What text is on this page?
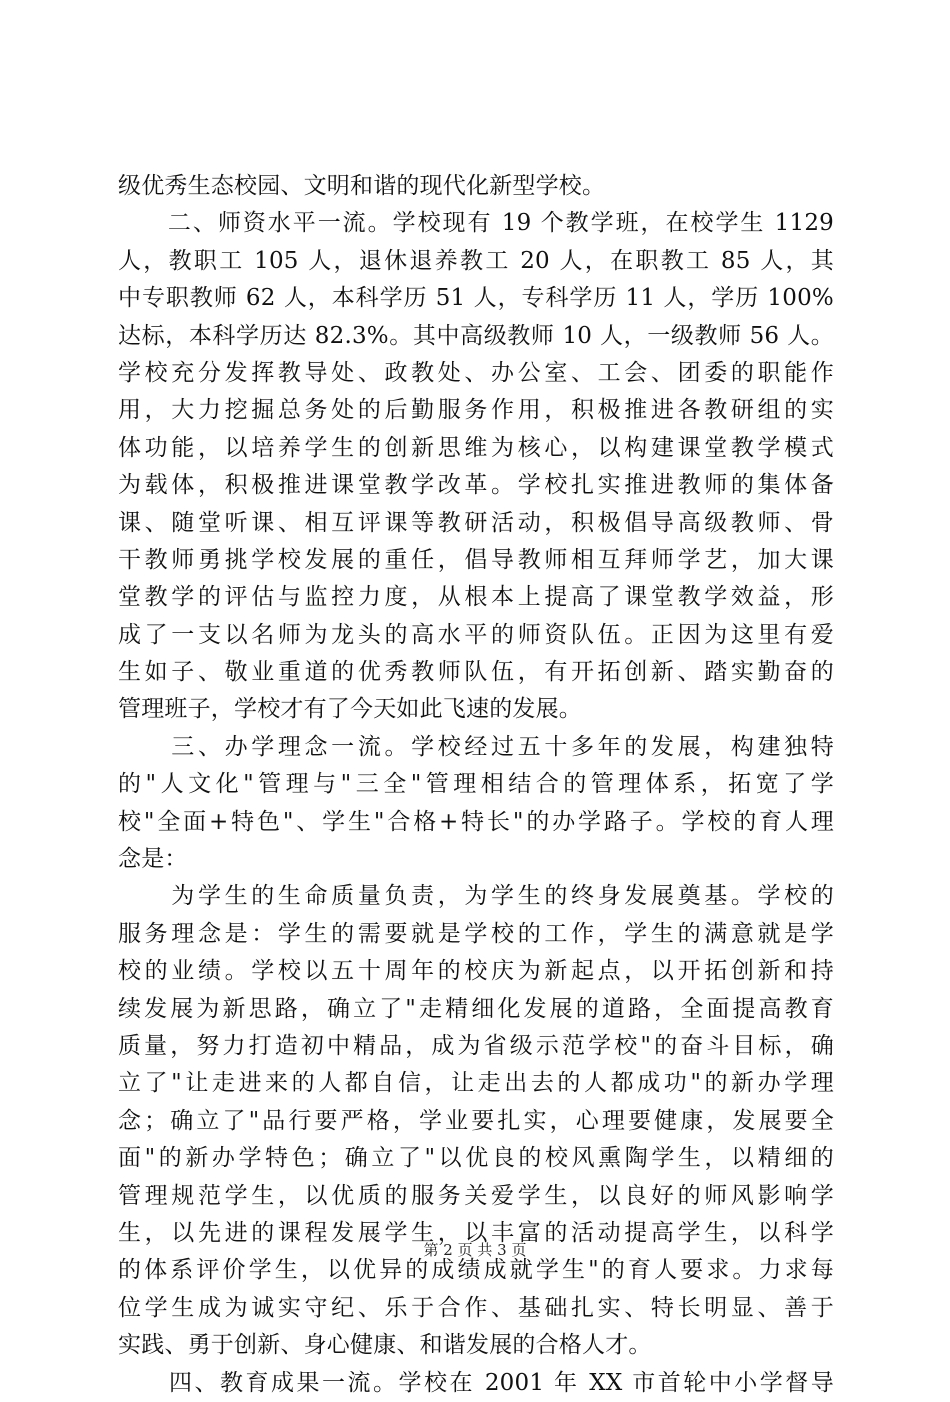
级优秀生态校园、文明和谐的现代化新型学校。
　　二、师资水平一流。学校现有 19 个教学班，在校学生 1129
人，教职工 105 人，退休退养教工 20 人，在职教工 85 人，其
中专职教师 62 人，本科学历 51 人，专科学历 11 人，学历 100%
达标，本科学历达 82.3%。其中高级教师 10 人，一级教师 56 人。
学校充分发挥教导处、政教处、办公室、工会、团委的职能作
用，大力挖掘总务处的后勤服务作用，积极推进各教研组的实
体功能，以培养学生的创新思维为核心，以构建课堂教学模式
为载体，积极推进课堂教学改革。学校扎实推进教师的集体备
课、随堂听课、相互评课等教研活动，积极倡导高级教师、骨
干教师勇挑学校发展的重任，倡导教师相互拜师学艺，加大课
堂教学的评估与监控力度，从根本上提高了课堂教学效益，形
成了一支以名师为龙头的高水平的师资队伍。正因为这里有爱
生如子、敬业重道的优秀教师队伍，有开拓创新、踏实勤奋的
管理班子，学校才有了今天如此飞速的发展。
　　三、办学理念一流。学校经过五十多年的发展，构建独特
的"人文化"管理与"三全"管理相结合的管理体系，拓宽了学
校"全面+特色"、学生"合格+特长"的办学路子。学校的育人理
念是：
　　为学生的生命质量负责，为学生的终身发展奠基。学校的
服务理念是：学生的需要就是学校的工作，学生的满意就是学
校的业绩。学校以五十周年的校庆为新起点，以开拓创新和持
续发展为新思路，确立了"走精细化发展的道路，全面提高教育
质量，努力打造初中精品，成为省级示范学校"的奋斗目标，确
立了"让走进来的人都自信，让走出去的人都成功"的新办学理
念；确立了"品行要严格，学业要扎实，心理要健康，发展要全
面"的新办学特色；确立了"以优良的校风熏陶学生，以精细的
管理规范学生，以优质的服务关爱学生，以良好的师风影响学
生，以先进的课程发展学生，以丰富的活动提高学生，以科学
的体系评价学生，以优异的成绩成就学生"的育人要求。力求每
位学生成为诚实守纪、乐于合作、基础扎实、特长明显、善于
实践、勇于创新、身心健康、和谐发展的合格人才。
　　四、教育成果一流。学校在 2001 年 XX 市首轮中小学督导
第 2 页 共 3 页
